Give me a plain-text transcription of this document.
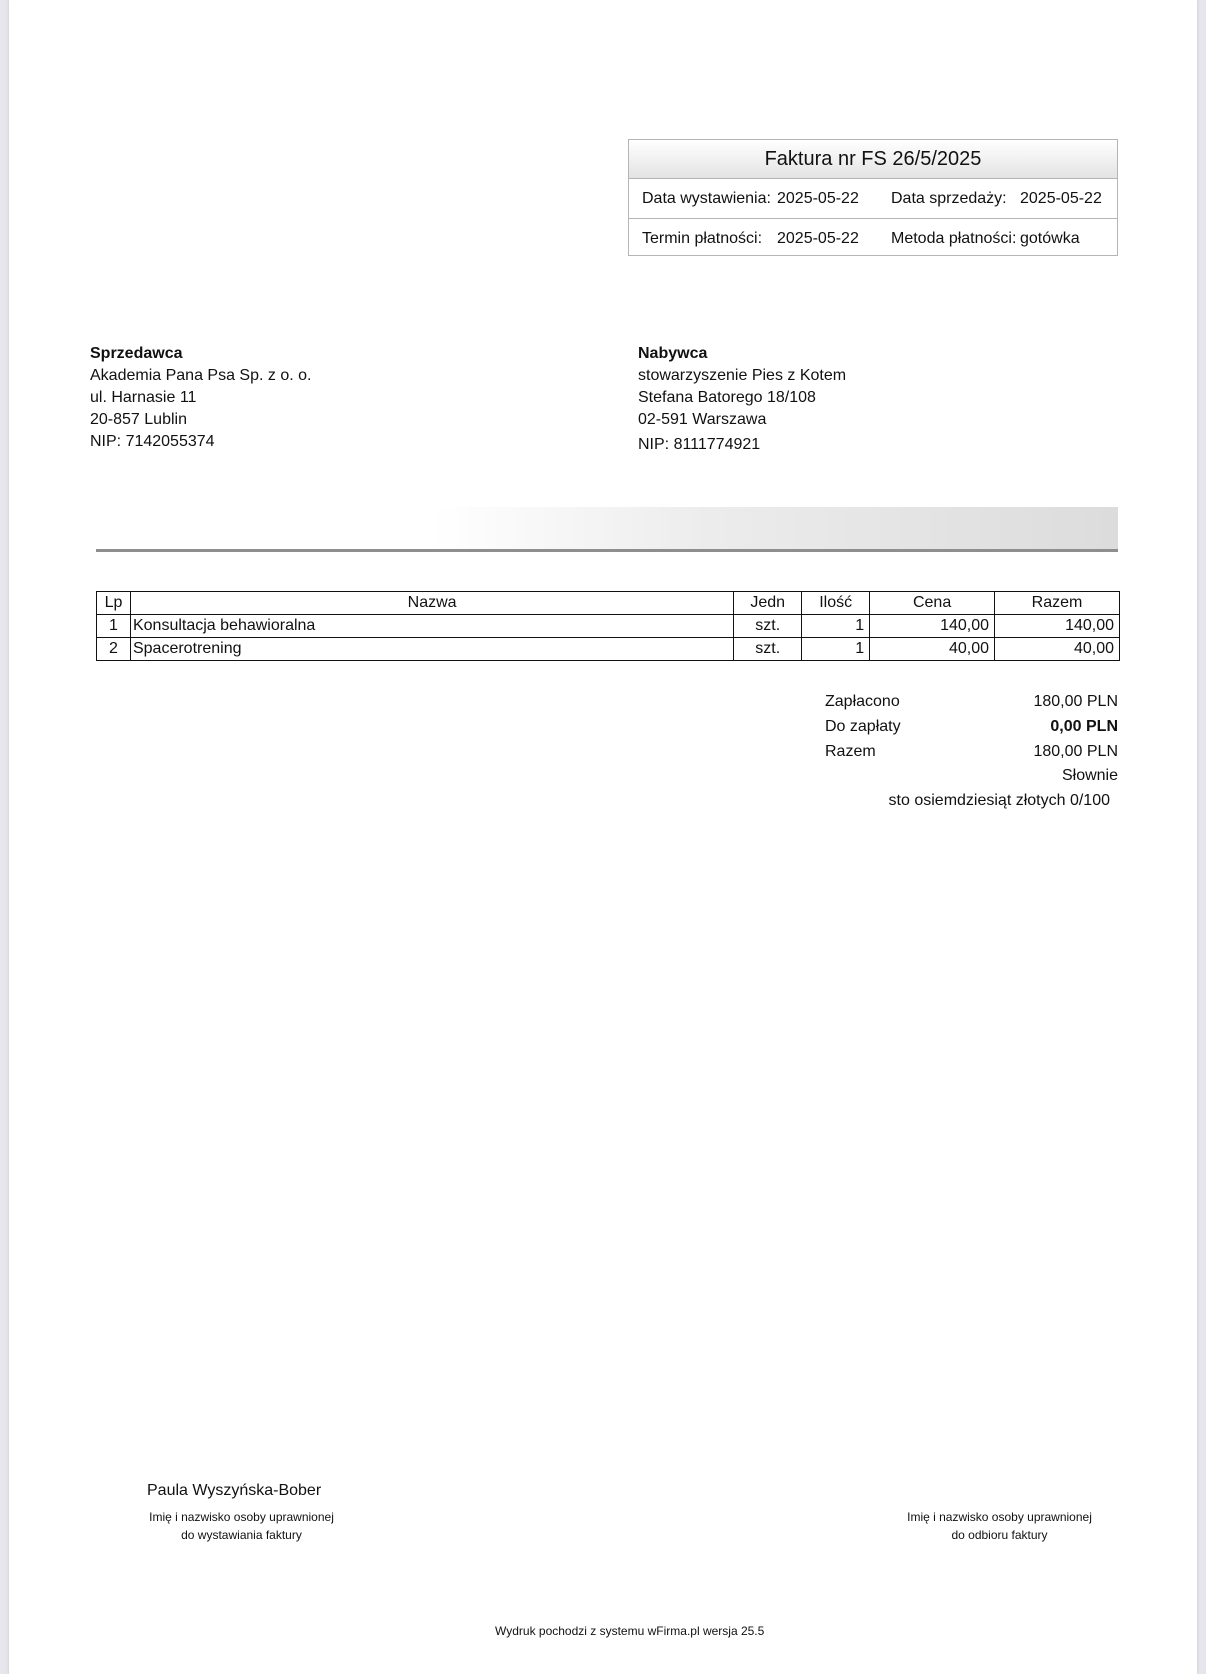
Faktura nr FS 26/5/2025
Data wystawienia: 2025-05-22 Data sprzedaży: 2025-05-22
Termin płatności: 2025-05-22 Metoda płatności: gotówka
Sprzedawca
Akademia Pana Psa Sp. z o. o.
ul. Harnasie 11
20-857 Lublin
NIP: 7142055374
Nabywca
stowarzyszenie Pies z Kotem
Stefana Batorego 18/108
02-591 Warszawa
NIP: 8111774921
Lp	Nazwa	Jedn	Ilość	Cena	Razem
1	Konsultacja behawioralna	szt.	1	140,00	140,00
2	Spacerotrening	szt.	1	40,00	40,00
Zapłacono	180,00 PLN
Do zapłaty	0,00 PLN
Razem	180,00 PLN
Słownie
sto osiemdziesiąt złotych 0/100
Paula Wyszyńska-Bober
Imię i nazwisko osoby uprawnionej
do wystawiania faktury
Imię i nazwisko osoby uprawnionej
do odbioru faktury
Wydruk pochodzi z systemu wFirma.pl wersja 25.5
